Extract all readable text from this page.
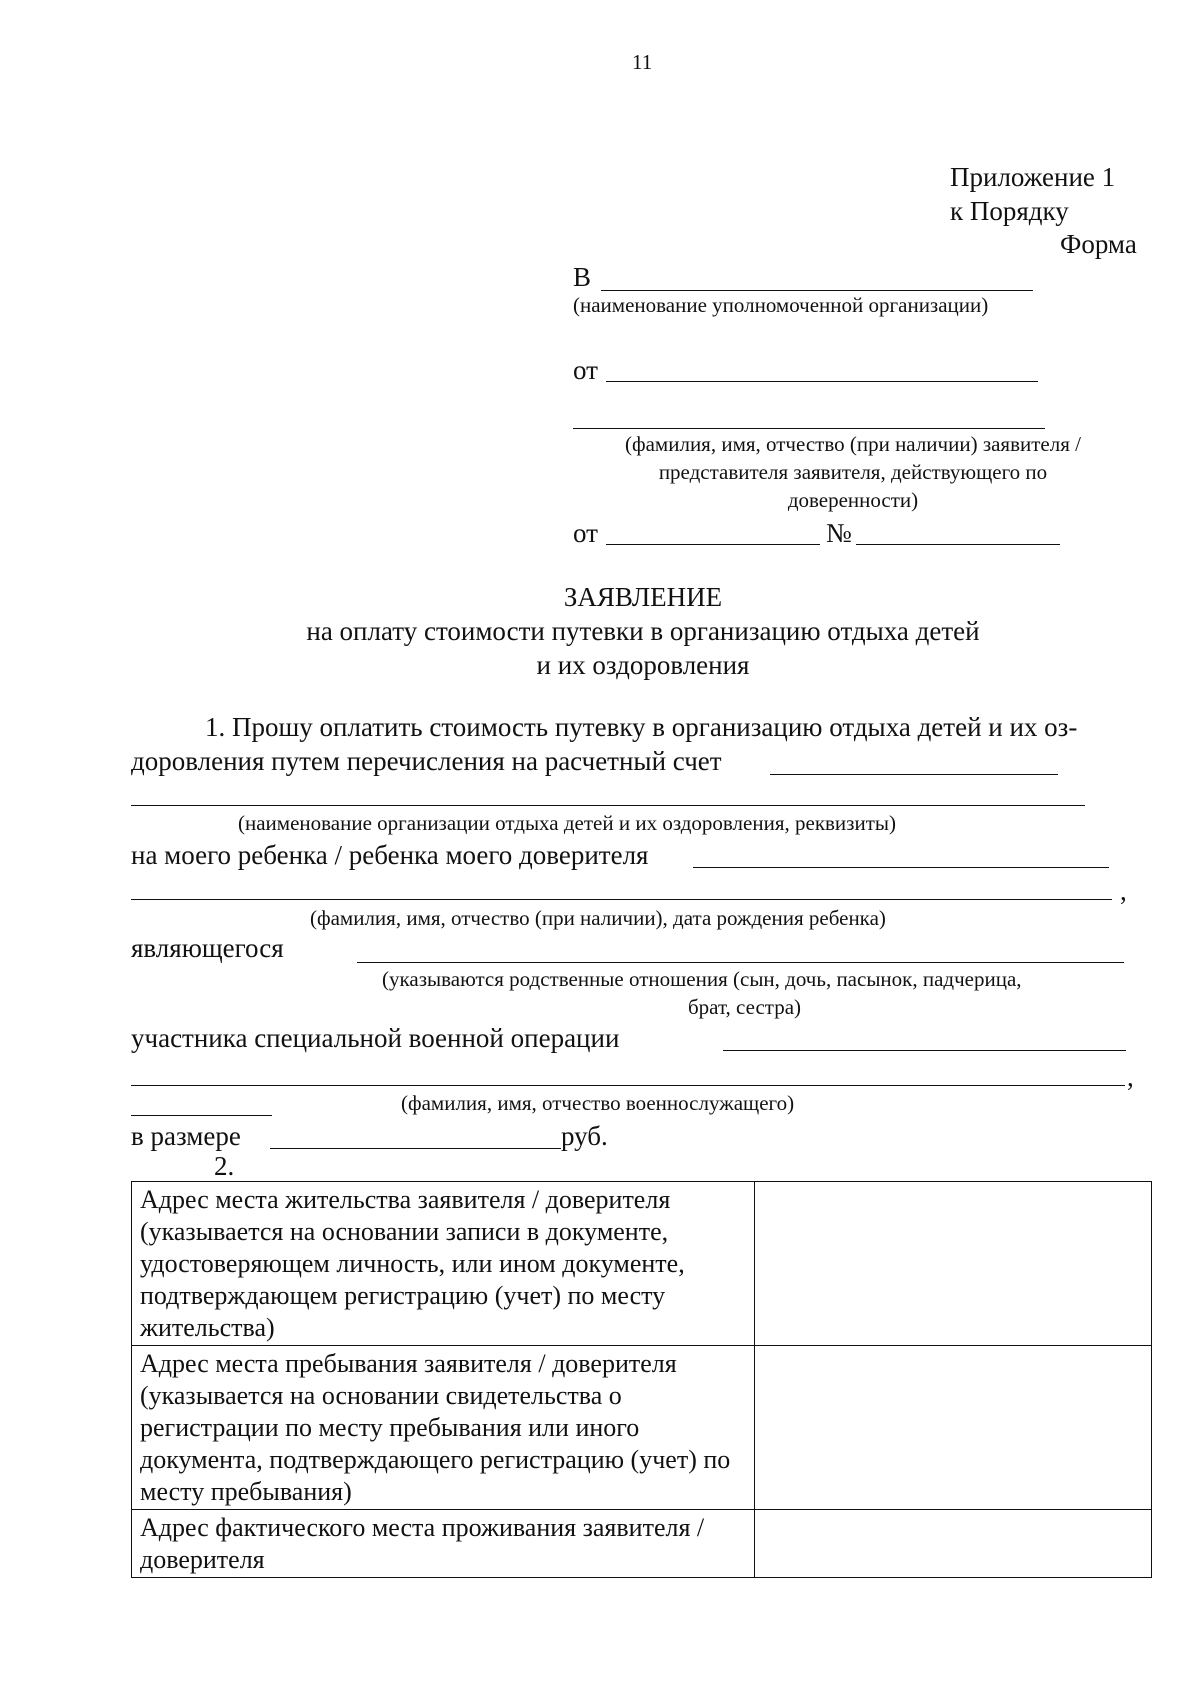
11
Приложение 1
к Порядку
Форма
В
(наименование уполномоченной организации)
от
(фамилия, имя, отчество (при наличии) заявителя /
представителя заявителя, действующего по
доверенности)
от	№
ЗАЯВЛЕНИЕ
на оплату стоимости путевки в организацию отдыха детей
и их оздоровления
1. Прошу оплатить стоимость путевку в организацию отдыха детей и их оз-
доровления путем перечисления на расчетный счет
(наименование организации отдыха детей и их оздоровления, реквизиты)
на моего ребенка / ребенка моего доверителя
,
(фамилия, имя, отчество (при наличии), дата рождения ребенка)
являющегося
(указываются родственные отношения (сын, дочь, пасынок, падчерица,
брат, сестра)
участника специальной военной операции
,
(фамилия, имя, отчество военнослужащего)
в размере	руб.
2.
Адрес места жительства заявителя / доверителя (указывается на основании записи в документе, удостоверяющем личность, или ином документе, подтверждающем регистрацию (учет) по месту жительства)	
Адрес места пребывания заявителя / доверителя (указывается на основании свидетельства о регистрации по месту пребывания или иного документа, подтверждающего регистрацию (учет) по месту пребывания)	
Адрес фактического места проживания заявителя / доверителя	
